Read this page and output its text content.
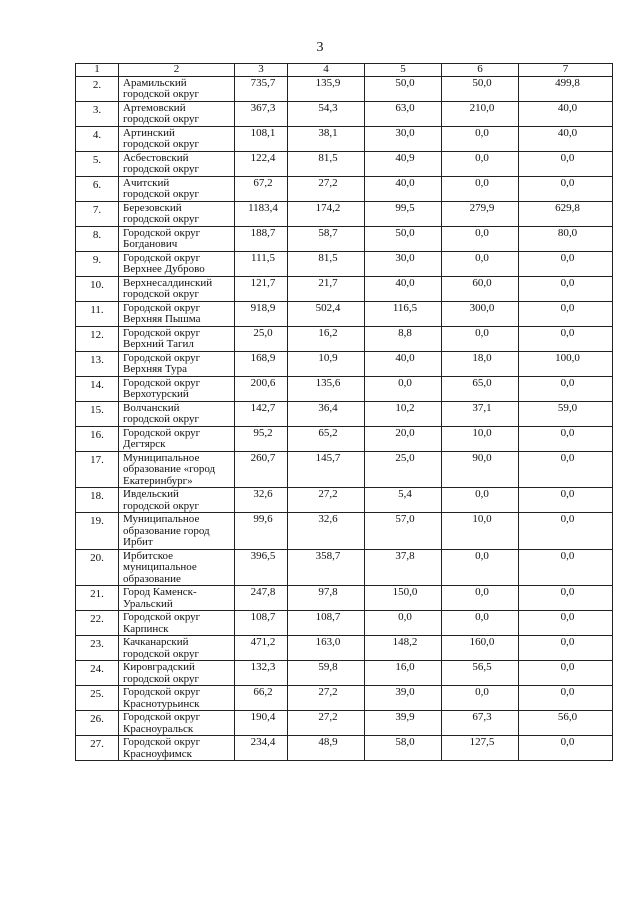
3
1	2	3	4	5	6	7
2.	Арамильский
городской округ	735,7	135,9	50,0	50,0	499,8
3.	Артемовский
городской округ	367,3	54,3	63,0	210,0	40,0
4.	Артинский
городской округ	108,1	38,1	30,0	0,0	40,0
5.	Асбестовский
городской округ	122,4	81,5	40,9	0,0	0,0
6.	Ачитский
городской округ	67,2	27,2	40,0	0,0	0,0
7.	Березовский
городской округ	1183,4	174,2	99,5	279,9	629,8
8.	Городской округ
Богданович	188,7	58,7	50,0	0,0	80,0
9.	Городской округ
Верхнее Дуброво	111,5	81,5	30,0	0,0	0,0
10.	Верхнесалдинский
городской округ	121,7	21,7	40,0	60,0	0,0
11.	Городской округ
Верхняя Пышма	918,9	502,4	116,5	300,0	0,0
12.	Городской округ
Верхний Тагил	25,0	16,2	8,8	0,0	0,0
13.	Городской округ
Верхняя Тура	168,9	10,9	40,0	18,0	100,0
14.	Городской округ
Верхотурский	200,6	135,6	0,0	65,0	0,0
15.	Волчанский
городской округ	142,7	36,4	10,2	37,1	59,0
16.	Городской округ
Дегтярск	95,2	65,2	20,0	10,0	0,0
17.	Муниципальное
образование «город
Екатеринбург»	260,7	145,7	25,0	90,0	0,0
18.	Ивдельский
городской округ	32,6	27,2	5,4	0,0	0,0
19.	Муниципальное
образование город
Ирбит	99,6	32,6	57,0	10,0	0,0
20.	Ирбитское
муниципальное
образование	396,5	358,7	37,8	0,0	0,0
21.	Город Каменск-
Уральский	247,8	97,8	150,0	0,0	0,0
22.	Городской округ
Карпинск	108,7	108,7	0,0	0,0	0,0
23.	Качканарский
городской округ	471,2	163,0	148,2	160,0	0,0
24.	Кировградский
городской округ	132,3	59,8	16,0	56,5	0,0
25.	Городской округ
Краснотурьинск	66,2	27,2	39,0	0,0	0,0
26.	Городской округ
Красноуральск	190,4	27,2	39,9	67,3	56,0
27.	Городской округ
Красноуфимск	234,4	48,9	58,0	127,5	0,0
